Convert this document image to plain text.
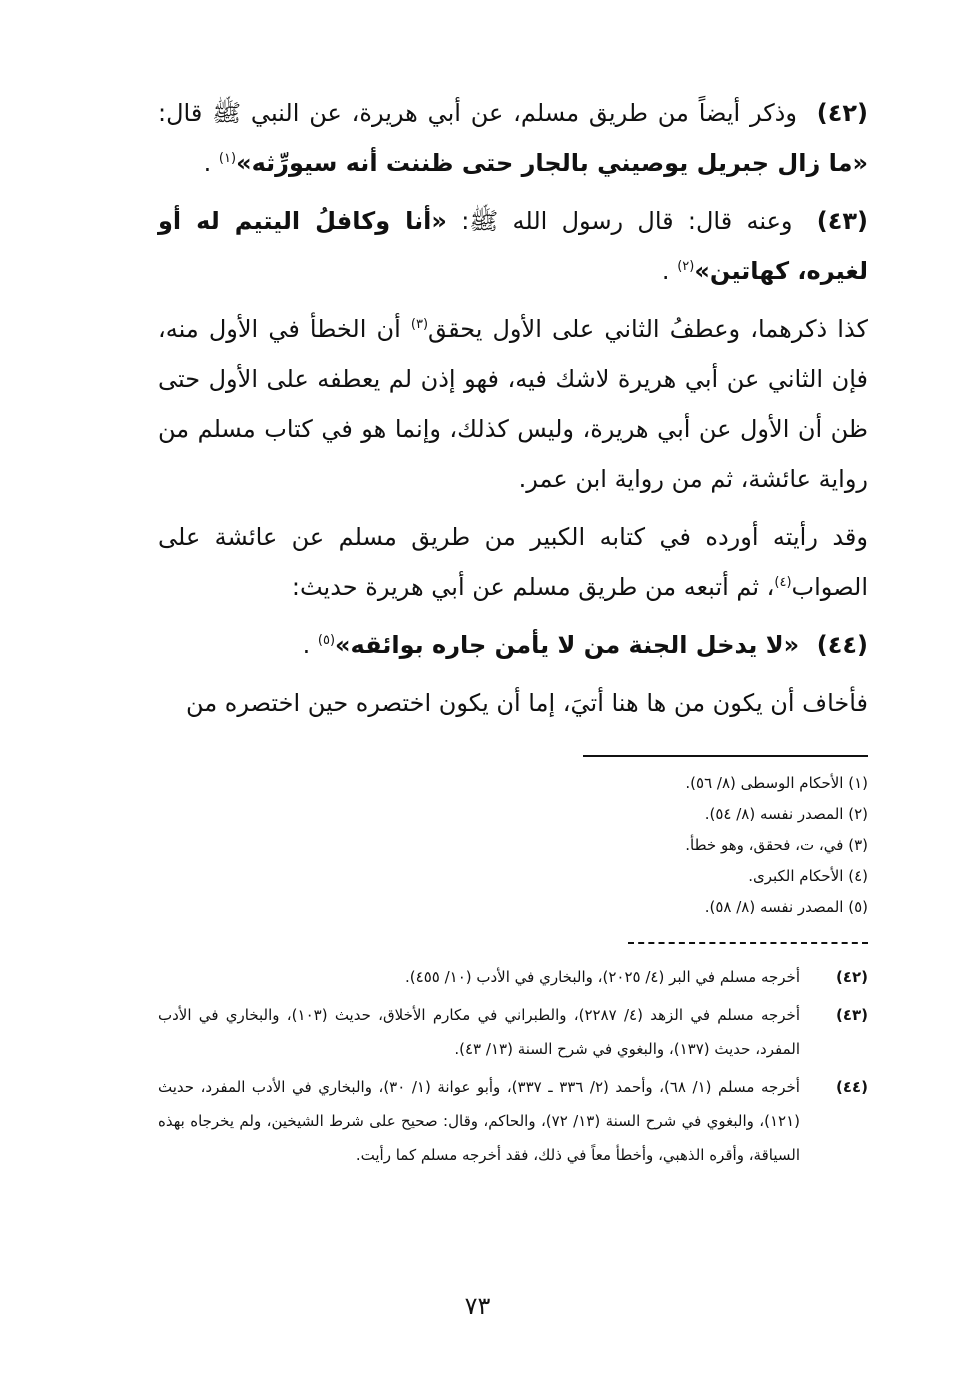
(٤٢) وذكر أيضاً من طريق مسلم، عن أبي هريرة، عن النبي ﷺ قال: «ما زال جبريل يوصيني بالجار حتى ظننت أنه سيورِّثه»$^{(١)}$ .

(٤٣) وعنه قال: قال رسول الله ﷺ: «أنا وكافلُ اليتيم له أو لغيره، كهاتين»$^{(٢)}$ .

كذا ذكرهما، وعطفُ الثاني على الأول يحقق$^{(٣)}$ أن الخطأ في الأول منه، فإن الثاني عن أبي هريرة لاشك فيه، فهو إذن لم يعطفه على الأول حتى ظن أن الأول عن أبي هريرة، وليس كذلك، وإنما هو في كتاب مسلم من رواية عائشة، ثم من رواية ابن عمر.

وقد رأيته أورده في كتابه الكبير من طريق مسلم عن عائشة على الصواب$^{(٤)}$، ثم أتبعه من طريق مسلم عن أبي هريرة حديث:

(٤٤) «لا يدخل الجنة من لا يأمن جاره بوائقه»$^{(٥)}$ .

فأخاف أن يكون من ها هنا أتيَ، إما أن يكون اختصره حين اختصره من

(١) الأحكام الوسطى (٨/ ٥٦).
(٢) المصدر نفسه (٨/ ٥٤).
(٣) في، ت، فحقق، وهو خطأ.
(٤) الأحكام الكبرى.
(٥) المصدر نفسه (٨/ ٥٨).
(٤٢)
أخرجه مسلم في البر (٤/ ٢٠٢٥)، والبخاري في الأدب (١٠/ ٤٥٥).
(٤٣)
أخرجه مسلم في الزهد (٤/ ٢٢٨٧)، والطبراني في مكارم الأخلاق، حديث (١٠٣)، والبخاري في الأدب المفرد، حديث (١٣٧)، والبغوي في شرح السنة (١٣/ ٤٣).
(٤٤)
أخرجه مسلم (١/ ٦٨)، وأحمد (٢/ ٣٣٦ ـ ٣٣٧)، وأبو عوانة (١/ ٣٠)، والبخاري في الأدب المفرد، حديث (١٢١)، والبغوي في شرح السنة (١٣/ ٧٢)، والحاكم، وقال: صحيح على شرط الشيخين، ولم يخرجاه بهذه السياقة، وأقره الذهبي، وأخطأ معاً في ذلك، فقد أخرجه مسلم كما رأيت.
٧٣
